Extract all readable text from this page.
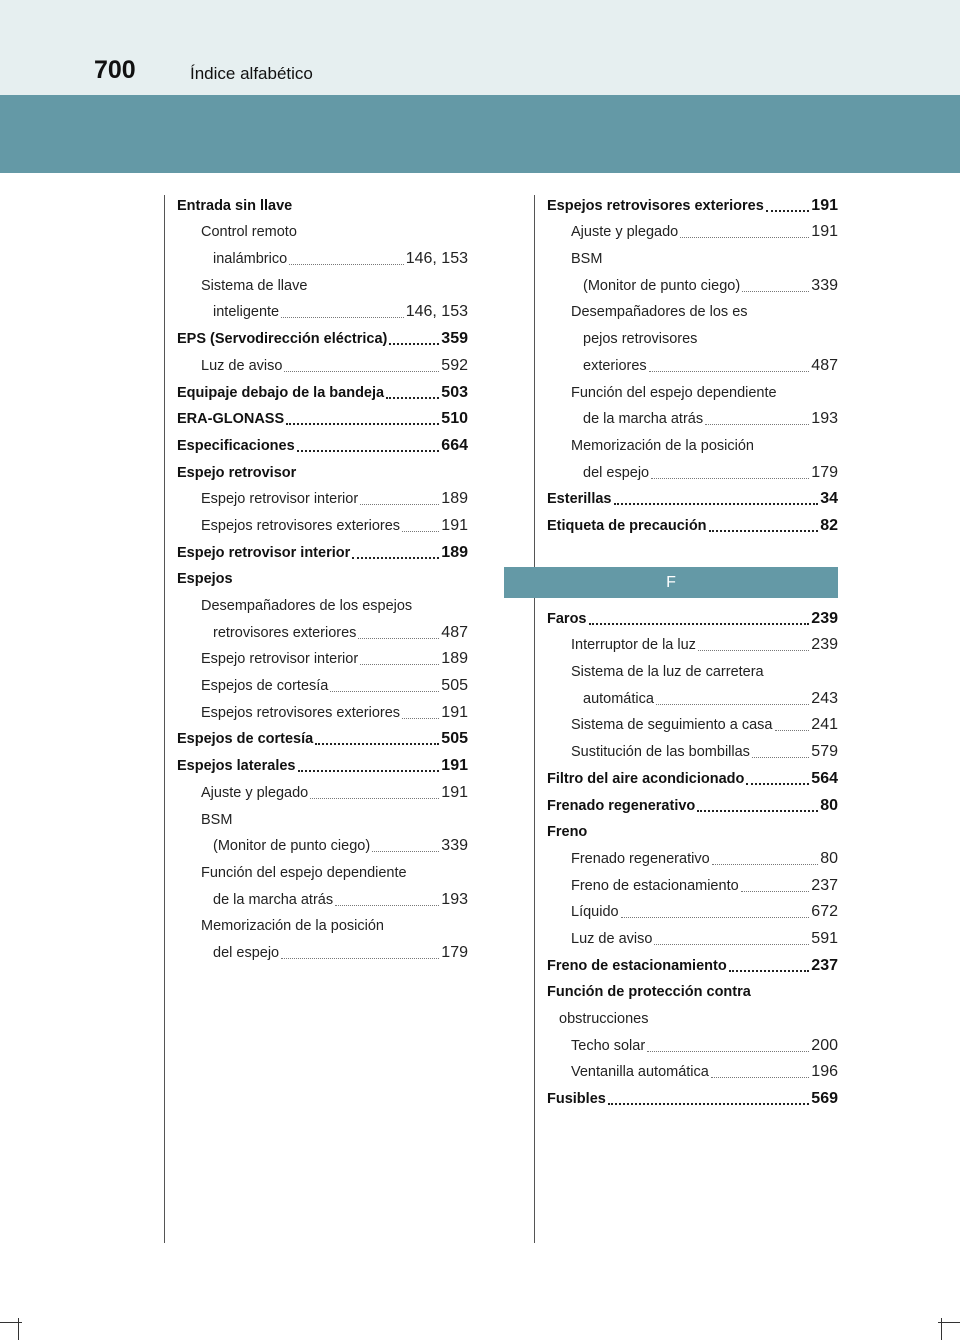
700	Índice alfabético
Entrada sin llave
Control remoto
inalámbrico	146, 153
Sistema de llave
inteligente	146, 153
EPS (Servodirección eléctrica)	359
Luz de aviso	592
Equipaje debajo de la bandeja	503
ERA-GLONASS	510
Especificaciones	664
Espejo retrovisor
Espejo retrovisor interior	189
Espejos retrovisores exteriores	191
Espejo retrovisor interior	189
Espejos
Desempañadores de los espejos
retrovisores exteriores	487
Espejo retrovisor interior	189
Espejos de cortesía	505
Espejos retrovisores exteriores	191
Espejos de cortesía	505
Espejos laterales	191
Ajuste y plegado	191
BSM
(Monitor de punto ciego)	339
Función del espejo dependiente
de la marcha atrás	193
Memorización de la posición
del espejo	179
Espejos retrovisores exteriores	191
Ajuste y plegado	191
BSM
(Monitor de punto ciego)	339
Desempañadores de los es
pejos retrovisores
exteriores	487
Función del espejo dependiente
de la marcha atrás	193
Memorización de la posición
del espejo	179
Esterillas	34
Etiqueta de precaución	82
F
Faros	239
Interruptor de la luz	239
Sistema de la luz de carretera
automática	243
Sistema de seguimiento a casa 241
Sustitución de las bombillas	579
Filtro del aire acondicionado	564
Frenado regenerativo	80
Freno
Frenado regenerativo	80
Freno de estacionamiento	237
Líquido	672
Luz de aviso	591
Freno de estacionamiento	237
Función de protección contra
obstrucciones
Techo solar	200
Ventanilla automática	196
Fusibles	569
